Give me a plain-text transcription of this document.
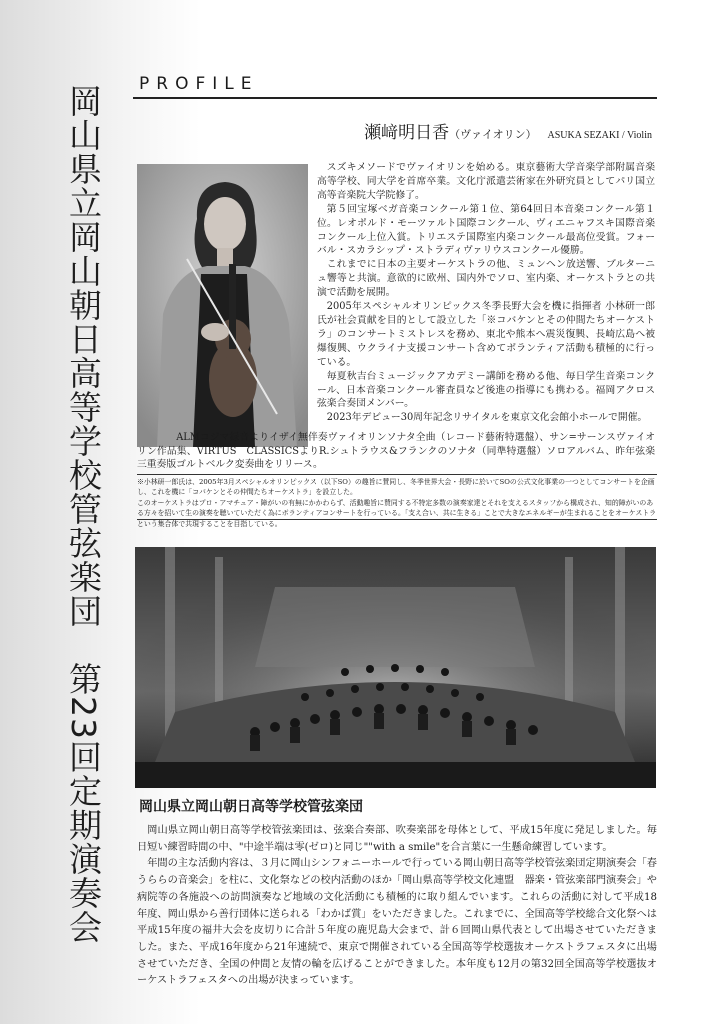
岡山県立岡山朝日高等学校管弦楽団　第23回定期演奏会 PROFILE
瀬﨑明日香（ヴァイオリン） ASUKA SEZAKI / Violin

スズキメソードでヴァイオリンを始める。東京藝術大学音楽学部附属音楽高等学校、同大学を首席卒業。文化庁派遣芸術家在外研究員としてパリ国立高等音楽院大学院修了。

第５回宝塚ベガ音楽コンクール第１位、第64回日本音楽コンクール第１位。レオポルド・モーツァルト国際コンクール、ヴィエニャフスキ国際音楽コンクール上位入賞。トリエステ国際室内楽コンクール最高位受賞。フォーバル・スカラシップ・ストラディヴァリウスコンクール優勝。

これまでに日本の主要オーケストラの他、ミュンヘン放送響、ブルターニュ響等と共演。意欲的に欧州、国内外でソロ、室内楽、オーケストラとの共演で活動を展開。

2005年スペシャルオリンピックス冬季長野大会を機に指揮者 小林研一郎氏が社会貢献を目的として設立した「※コバケンとその仲間たちオーケストラ」のコンサートミストレスを務め、東北や熊本へ震災復興、長崎広島へ被爆復興、ウクライナ支援コンサート含めてボランティア活動も積極的に行っている。

毎夏秋吉台ミュージックアカデミー講師を務める他、毎日学生音楽コンクール、日本音楽コンクール審査員など後進の指導にも携わる。福岡アクロス弦楽合奏団メンバー。

2023年デビュー30周年記念リサイタルを東京文化会館小ホールで開催。

ALMコジマ録音よりイザイ無伴奏ヴァイオリンソナタ全曲（レコード藝術特選盤）、サン=サーンスヴァイオリン作品集、VIRTUS　CLASSICSよりR.シュトラウス&フランクのソナタ（同準特選盤）ソロアルバム、昨年弦楽三重奏版ゴルトベルク変奏曲をリリース。

※小林研一郎氏は、2005年3月スペシャルオリンピックス（以下SO）の趣旨に賛同し、冬季世界大会・長野に於いてSOの公式文化事業の一つとしてコンサートを企画し、これを機に「コバケンとその仲間たちオーケストラ」を設立した。

このオーケストラはプロ・アマチュア・障がいの有無にかかわらず、活動趣旨に賛同する不特定多数の演奏家達とそれを支えるスタッフから構成され、知的障がいのある方々を招いて生の演奏を聴いていただく為にボランティアコンサートを行っている。「支え合い、共に生きる」ことで大きなエネルギーが生まれることをオーケストラという集合体で共現することを目指している。

岡山県立岡山朝日高等学校管弦楽団

岡山県立岡山朝日高等学校管弦楽団は、弦楽合奏部、吹奏楽部を母体として、平成15年度に発足しました。毎日短い練習時間の中、"中途半端は零(ゼロ)と同じ""with a smile"を合言葉に一生懸命練習しています。

年間の主な活動内容は、３月に岡山シンフォニーホールで行っている岡山朝日高等学校管弦楽団定期演奏会「春うららの音楽会」を柱に、文化祭などの校内活動のほか「岡山県高等学校文化連盟　器楽・管弦楽部門演奏会」や病院等の各施設への訪問演奏など地域の文化活動にも積極的に取り組んでいます。これらの活動に対して平成18年度、岡山県から善行団体に送られる「わかば賞」をいただきました。これまでに、全国高等学校総合文化祭へは平成15年度の福井大会を皮切りに合計５年度の鹿児島大会まで、計６回岡山県代表として出場させていただきました。また、平成16年度から21年連続で、東京で開催されている全国高等学校選抜オーケストラフェスタに出場させていただき、全国の仲間と友情の輪を広げることができました。本年度も12月の第32回全国高等学校選抜オーケストラフェスタへの出場が決まっています。
